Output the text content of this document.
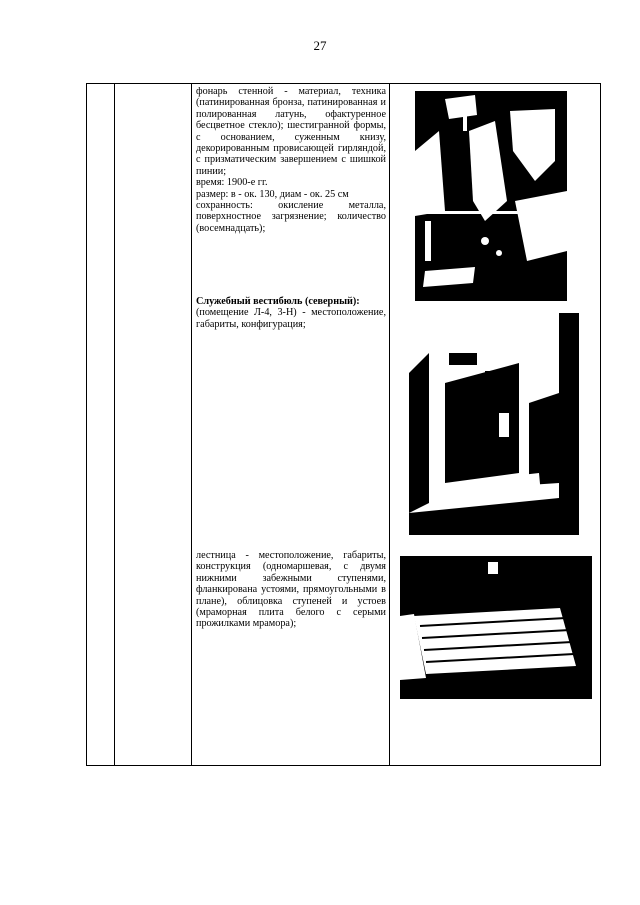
27

фонарь стенной - материал, техника (патинированная бронза, патинированная и полированная латунь, офактуренное бесцветное стекло); шестигранной формы, с основанием, суженным книзу, декорированным провисающей гирляндой, с призматическим завершением с шишкой пинии;

время: 1900-е гг.

размер: в - ок. 130, диам - ок. 25 см

сохранность: окисление металла, поверхностное загрязнение; количество (восемнадцать);

Служебный вестибюль (северный):

(помещение Л-4, 3-Н) - местоположение, габариты, конфигурация;

лестница - местоположение, габариты, конструкция (одномаршевая, с двумя нижними забежными ступенями, фланкирована устоями, прямоугольными в плане), облицовка ступеней и устоев (мраморная плита белого с серыми прожилками мрамора);
